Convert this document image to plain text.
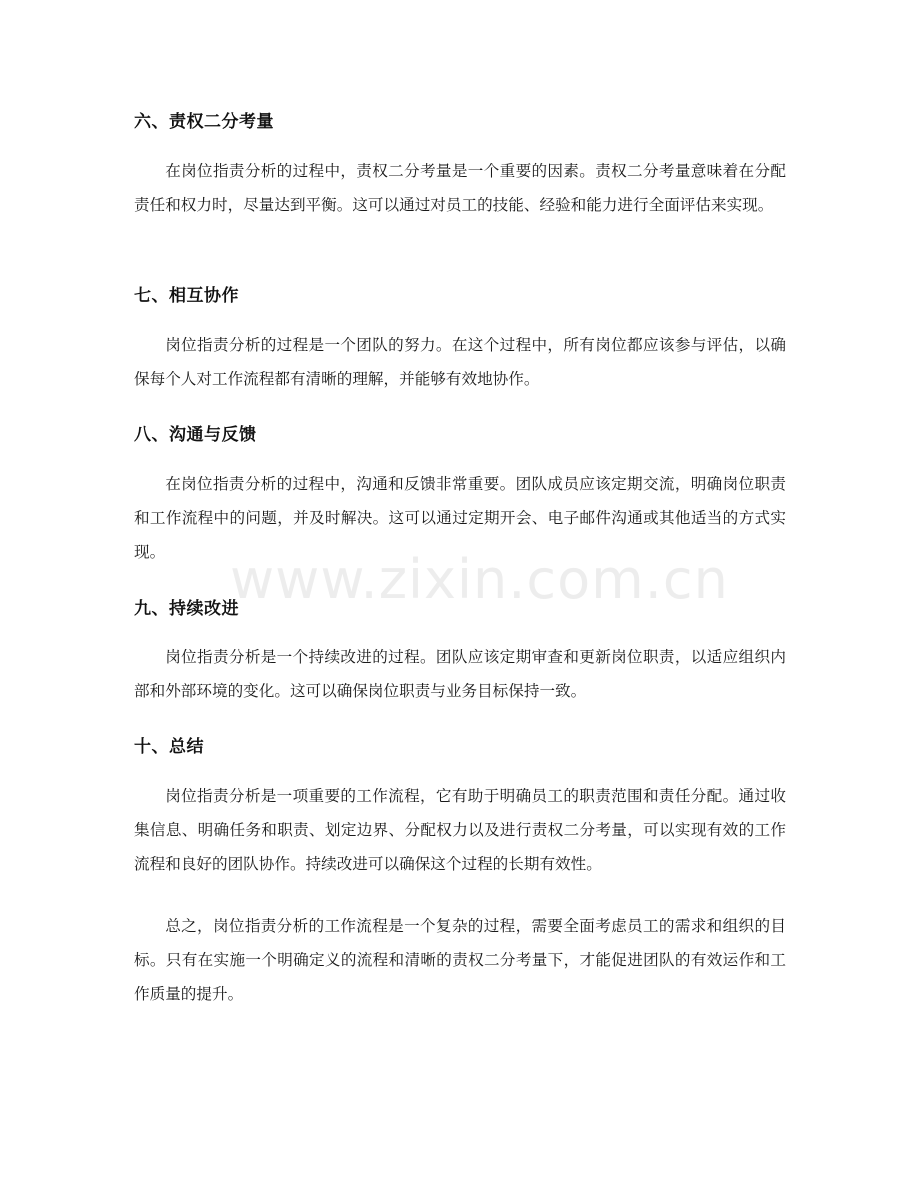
六、责权二分考量

在岗位指责分析的过程中，责权二分考量是一个重要的因素。责权二分考量意味着在分配责任和权力时，尽量达到平衡。这可以通过对员工的技能、经验和能力进行全面评估来实现。

七、相互协作

岗位指责分析的过程是一个团队的努力。在这个过程中，所有岗位都应该参与评估，以确保每个人对工作流程都有清晰的理解，并能够有效地协作。

八、沟通与反馈

在岗位指责分析的过程中，沟通和反馈非常重要。团队成员应该定期交流，明确岗位职责和工作流程中的问题，并及时解决。这可以通过定期开会、电子邮件沟通或其他适当的方式实现。

九、持续改进

岗位指责分析是一个持续改进的过程。团队应该定期审查和更新岗位职责，以适应组织内部和外部环境的变化。这可以确保岗位职责与业务目标保持一致。

十、总结

岗位指责分析是一项重要的工作流程，它有助于明确员工的职责范围和责任分配。通过收集信息、明确任务和职责、划定边界、分配权力以及进行责权二分考量，可以实现有效的工作流程和良好的团队协作。持续改进可以确保这个过程的长期有效性。

总之，岗位指责分析的工作流程是一个复杂的过程，需要全面考虑员工的需求和组织的目标。只有在实施一个明确定义的流程和清晰的责权二分考量下，才能促进团队的有效运作和工作质量的提升。

www.zixin.com.cn
